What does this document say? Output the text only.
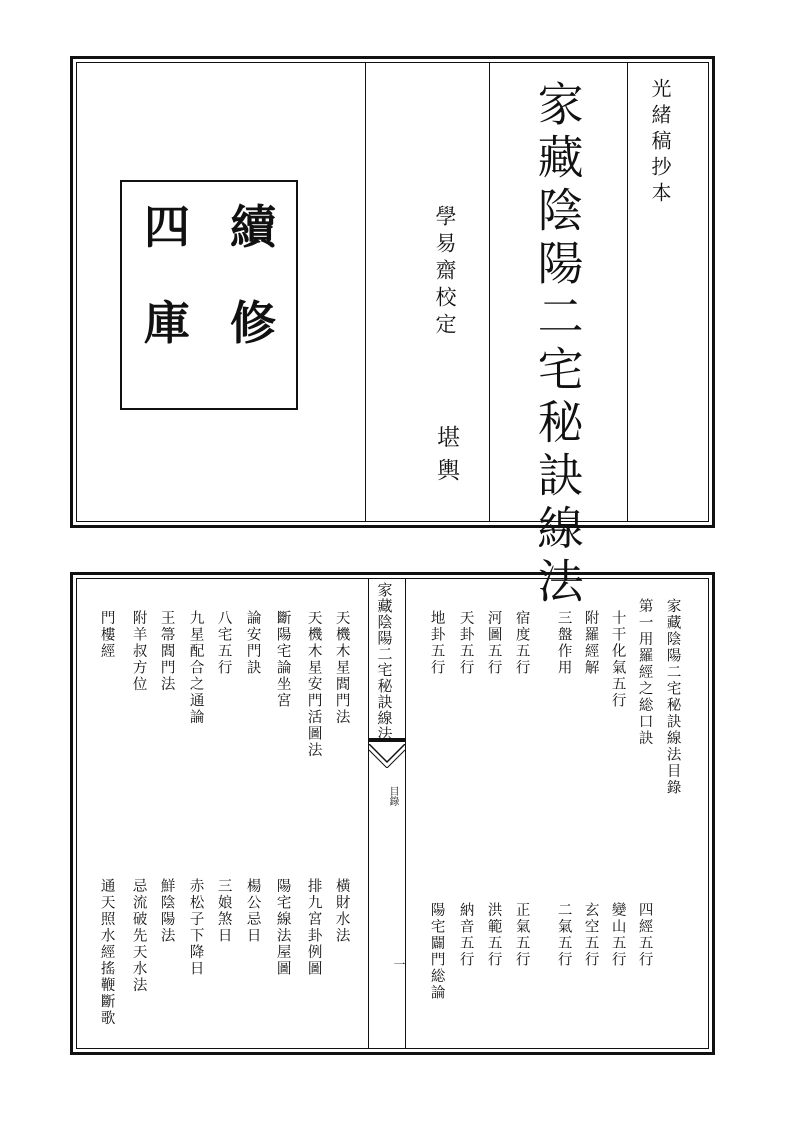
續
修
四
庫	學易齋校定
堪輿 家藏陰陽二宅秘訣線法	光緒稿抄本
家藏陰陽二宅秘訣線法
目錄
一
家藏陰陽二宅秘訣線法目錄
第一用羅經之総口訣
十干化氣五行
附羅經解
三盤作用
宿度五行
河圖五行
天卦五行
地卦五行
天機木星閻門法
天機木星安門活圖法
斷陽宅論坐宮
論安門訣
八宅五行
九星配合之通論
王箒閻門法
附羊叔方位
門樓經
四經五行
變山五行
玄空五行
二氣五行
正氣五行
洪範五行
納音五行
陽宅闢門総論
橫財水法
排九宮卦例圖
陽宅線法屋圖
楊公忌日
三娘煞日
赤松子下降日
鮮陰陽法
忌流破先天水法
通天照水經搖鞭斷歌
